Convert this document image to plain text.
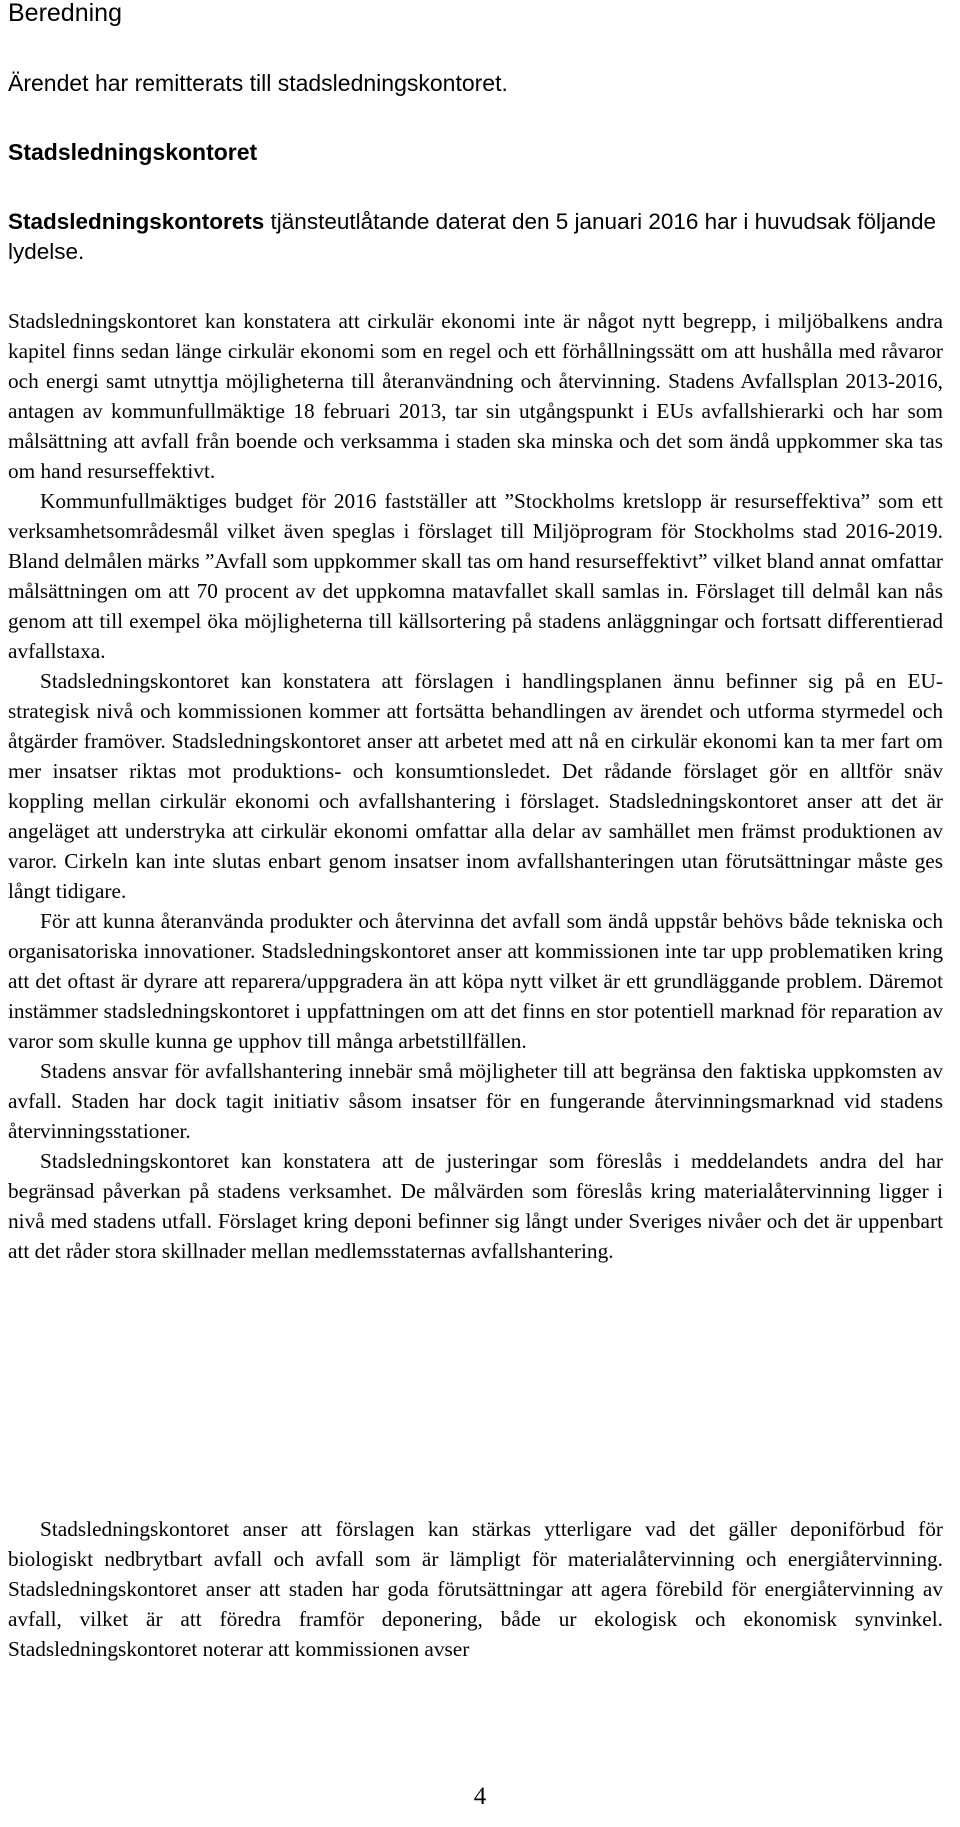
Beredning

Ärendet har remitterats till stadsledningskontoret.

Stadsledningskontoret

Stadsledningskontorets tjänsteutlåtande daterat den 5 januari 2016 har i huvudsak följande lydelse.

Stadsledningskontoret kan konstatera att cirkulär ekonomi inte är något nytt begrepp, i miljöbalkens andra kapitel finns sedan länge cirkulär ekonomi som en regel och ett förhållningssätt om att hushålla med råvaror och energi samt utnyttja möjligheterna till återanvändning och återvinning. Stadens Avfallsplan 2013-2016, antagen av kommunfullmäktige 18 februari 2013, tar sin utgångspunkt i EUs avfallshierarki och har som målsättning att avfall från boende och verksamma i staden ska minska och det som ändå uppkommer ska tas om hand resurseffektivt.

Kommunfullmäktiges budget för 2016 fastställer att ”Stockholms kretslopp är resurseffektiva” som ett verksamhetsområdesmål vilket även speglas i förslaget till Miljöprogram för Stockholms stad 2016-2019. Bland delmålen märks ”Avfall som uppkommer skall tas om hand resurseffektivt” vilket bland annat omfattar målsättningen om att 70 procent av det uppkomna matavfallet skall samlas in. Förslaget till delmål kan nås genom att till exempel öka möjligheterna till källsortering på stadens anläggningar och fortsatt differentierad avfallstaxa.

Stadsledningskontoret kan konstatera att förslagen i handlingsplanen ännu befinner sig på en EU-strategisk nivå och kommissionen kommer att fortsätta behandlingen av ärendet och utforma styrmedel och åtgärder framöver. Stadsledningskontoret anser att arbetet med att nå en cirkulär ekonomi kan ta mer fart om mer insatser riktas mot produktions- och konsumtionsledet. Det rådande förslaget gör en alltför snäv koppling mellan cirkulär ekonomi och avfallshantering i förslaget. Stadsledningskontoret anser att det är angeläget att understryka att cirkulär ekonomi omfattar alla delar av samhället men främst produktionen av varor. Cirkeln kan inte slutas enbart genom insatser inom avfallshanteringen utan förutsättningar måste ges långt tidigare.

För att kunna återanvända produkter och återvinna det avfall som ändå uppstår behövs både tekniska och organisatoriska innovationer. Stadsledningskontoret anser att kommissionen inte tar upp problematiken kring att det oftast är dyrare att reparera/uppgradera än att köpa nytt vilket är ett grundläggande problem. Däremot instämmer stadsledningskontoret i uppfattningen om att det finns en stor potentiell marknad för reparation av varor som skulle kunna ge upphov till många arbetstillfällen.

Stadens ansvar för avfallshantering innebär små möjligheter till att begränsa den faktiska uppkomsten av avfall. Staden har dock tagit initiativ såsom insatser för en fungerande återvinningsmarknad vid stadens återvinningsstationer.

Stadsledningskontoret kan konstatera att de justeringar som föreslås i meddelandets andra del har begränsad påverkan på stadens verksamhet. De målvärden som föreslås kring materialåtervinning ligger i nivå med stadens utfall. Förslaget kring deponi befinner sig långt under Sveriges nivåer och det är uppenbart att det råder stora skillnader mellan medlemsstaternas avfallshantering.

Stadsledningskontoret anser att förslagen kan stärkas ytterligare vad det gäller deponiförbud för biologiskt nedbrytbart avfall och avfall som är lämpligt för materialåtervinning och energiåtervinning. Stadsledningskontoret anser att staden har goda förutsättningar att agera förebild för energiåtervinning av avfall, vilket är att föredra framför deponering, både ur ekologisk och ekonomisk synvinkel. Stadsledningskontoret noterar att kommissionen avser

4
